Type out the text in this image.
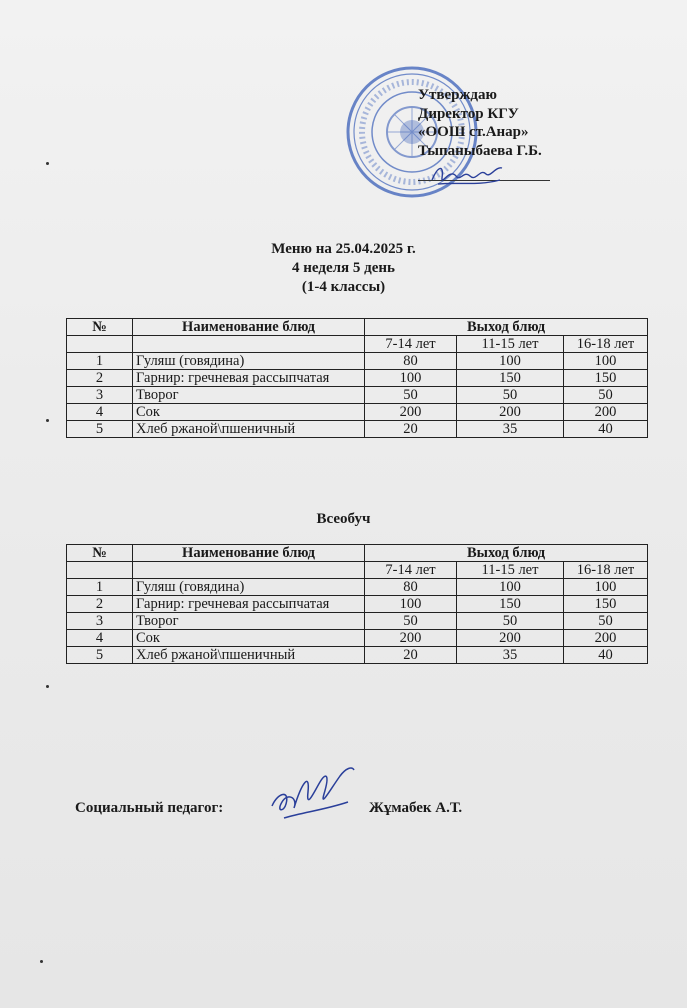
Утверждаю
Директор КГУ
«ООШ ст.Анар»
Тыпаныбаева Г.Б.
Меню на 25.04.2025 г.
4 неделя 5 день
(1-4 классы)
№	Наименование блюд	Выход блюд		
		7-14 лет	11-15 лет	16-18 лет
1	Гуляш (говядина)	80	100	100
2	Гарнир: гречневая рассыпчатая	100	150	150
3	Творог	50	50	50
4	Сок	200	200	200
5	Хлеб ржаной\пшеничный	20	35	40
Всеобуч
№	Наименование блюд	Выход блюд		
		7-14 лет	11-15 лет	16-18 лет
1	Гуляш (говядина)	80	100	100
2	Гарнир: гречневая рассыпчатая	100	150	150
3	Творог	50	50	50
4	Сок	200	200	200
5	Хлеб ржаной\пшеничный	20	35	40
Социальный педагог:	Жұмабек А.Т.
